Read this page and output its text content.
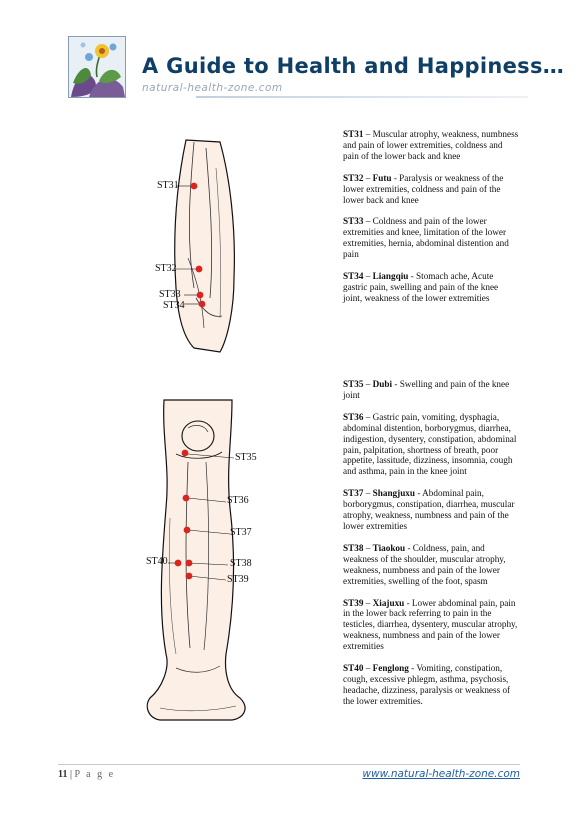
A Guide to Health and Happiness…
natural-health-zone.com
ST31
ST32
ST33
ST34
ST35
ST36
ST37
ST38
ST39
ST40

ST31 – Muscular atrophy, weakness, numbness and pain of lower extremities, coldness and pain of the lower back and knee

ST32 – Futu - Paralysis or weakness of the lower extremities, coldness and pain of the lower back and knee

ST33 – Coldness and pain of the lower extremities and knee, limitation of the lower extremities, hernia, abdominal distention and pain

ST34 – Liangqiu - Stomach ache, Acute gastric pain, swelling and pain of the knee joint, weakness of the lower extremities

ST35 – Dubi - Swelling and pain of the knee joint

ST36 – Gastric pain, vomiting, dysphagia, abdominal distention, borborygmus, diarrhea, indigestion, dysentery, constipation, abdominal pain, palpitation, shortness of breath, poor appetite, lassitude, dizziness, insomnia, cough and asthma, pain in the knee joint

ST37 – Shangjuxu - Abdominal pain, borborygmus, constipation, diarrhea, muscular atrophy, weakness, numbness and pain of the lower extremities

ST38 – Tiaokou - Coldness, pain, and weakness of the shoulder, muscular atrophy, weakness, numbness and pain of the lower extremities, swelling of the foot, spasm

ST39 – Xiajuxu - Lower abdominal pain, pain in the lower back referring to pain in the testicles, diarrhea, dysentery, muscular atrophy, weakness, numbness and pain of the lower extremities

ST40 – Fenglong - Vomiting, constipation, cough, excessive phlegm, asthma, psychosis, headache, dizziness, paralysis or weakness of the lower extremities.

11 | P a g e	www.natural-health-zone.com
